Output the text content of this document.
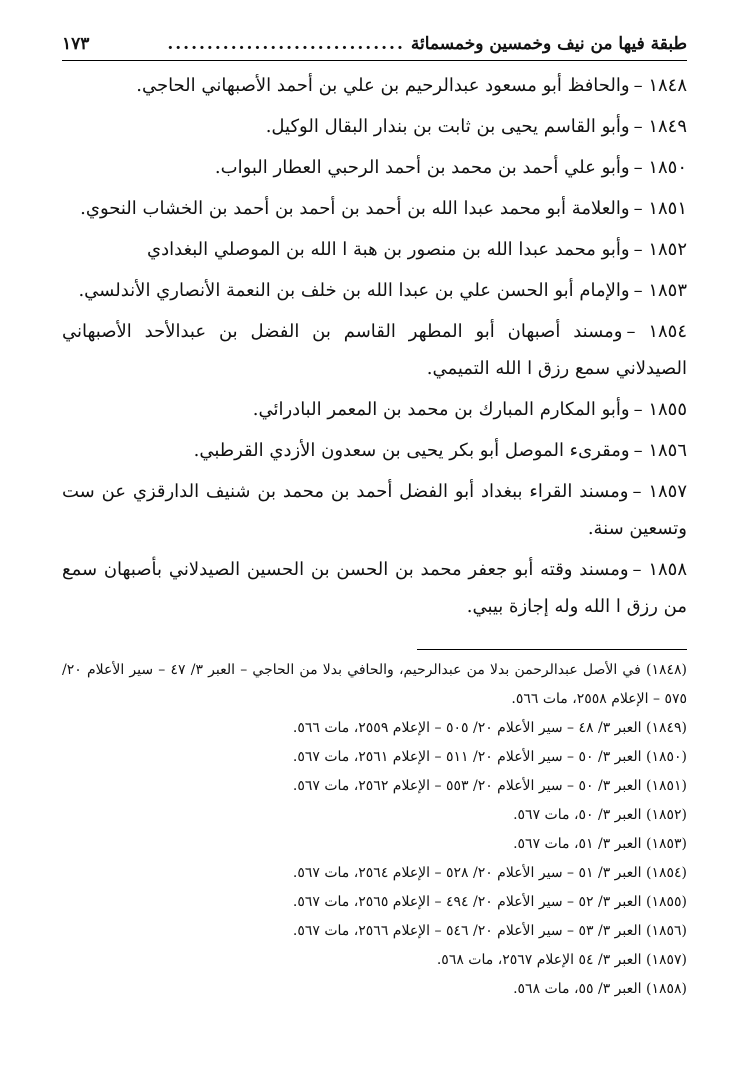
طبقة فيها من نيف وخمسين وخمسمائة
..............................
١٧٣

١٨٤٨ –والحافظ أبو مسعود عبدالرحيم بن علي بن أحمد الأصبهاني الحاجي.

١٨٤٩ –وأبو القاسم يحيى بن ثابت بن بندار البقال الوكيل.

١٨٥٠ –وأبو علي أحمد بن محمد بن أحمد الرحبي العطار البواب.

١٨٥١ –والعلامة أبو محمد عبدا الله بن أحمد بن أحمد بن أحمد بن الخشاب النحوي.

١٨٥٢ –وأبو محمد عبدا الله بن منصور بن هبة ا الله بن الموصلي البغدادي

١٨٥٣ –والإمام أبو الحسن علي بن عبدا الله بن خلف بن النعمة الأنصاري الأندلسي.

١٨٥٤ –ومسند أصبهان أبو المطهر القاسم بن الفضل بن عبدالأحد الأصبهاني الصيدلاني سمع رزق ا الله التميمي.

١٨٥٥ –وأبو المكارم المبارك بن محمد بن المعمر البادرائي.

١٨٥٦ –ومقرىء الموصل أبو بكر يحيى بن سعدون الأزدي القرطبي.

١٨٥٧ –ومسند القراء ببغداد أبو الفضل أحمد بن محمد بن شنيف الدارقزي عن ست وتسعين سنة.

١٨٥٨ –ومسند وقته أبو جعفر محمد بن الحسن بن الحسين الصيدلاني بأصبهان سمع من رزق ا الله وله إجازة بيبي.

(١٨٤٨) في الأصل عبدالرحمن بدلا من عبدالرحيم، والحافي بدلا من الحاجي – العبر ٣/ ٤٧ – سير الأعلام ٢٠/ ٥٧٥ – الإعلام ٢٥٥٨، مات ٥٦٦.
(١٨٤٩) العبر ٣/ ٤٨ – سير الأعلام ٢٠/ ٥٠٥ – الإعلام ٢٥٥٩، مات ٥٦٦.
(١٨٥٠) العبر ٣/ ٥٠ – سير الأعلام ٢٠/ ٥١١ – الإعلام ٢٥٦١، مات ٥٦٧.
(١٨٥١) العبر ٣/ ٥٠ – سير الأعلام ٢٠/ ٥٥٣ – الإعلام ٢٥٦٢، مات ٥٦٧.
(١٨٥٢) العبر ٣/ ٥٠، مات ٥٦٧.
(١٨٥٣) العبر ٣/ ٥١، مات ٥٦٧.
(١٨٥٤) العبر ٣/ ٥١ – سير الأعلام ٢٠/ ٥٢٨ – الإعلام ٢٥٦٤، مات ٥٦٧.
(١٨٥٥) العبر ٣/ ٥٢ – سير الأعلام ٢٠/ ٤٩٤ – الإعلام ٢٥٦٥، مات ٥٦٧.
(١٨٥٦) العبر ٣/ ٥٣ – سير الأعلام ٢٠/ ٥٤٦ – الإعلام ٢٥٦٦، مات ٥٦٧.
(١٨٥٧) العبر ٣/ ٥٤ الإعلام ٢٥٦٧، مات ٥٦٨.
(١٨٥٨) العبر ٣/ ٥٥، مات ٥٦٨.
